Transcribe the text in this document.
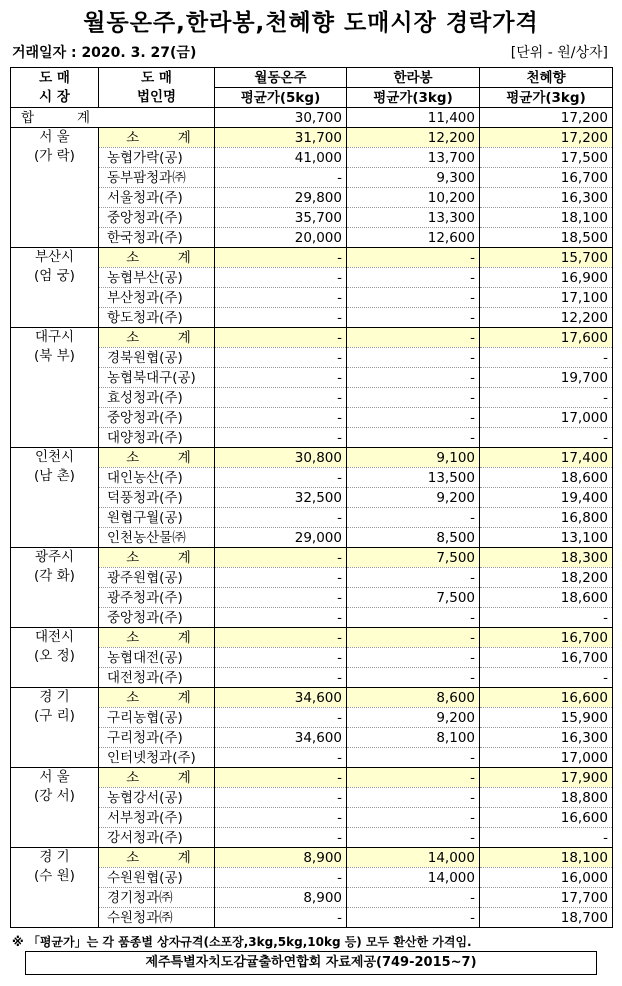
월동온주,한라봉,천혜향 도매시장 경락가격
거래일자 : 2020. 3. 27(금)	[단위 - 원/상자]
도 매
시 장	도 매
법인명	월동온주	한라봉	천혜향
		평균가(5kg)	평균가(3kg)	평균가(3kg)
합          계		30,700	11,400	17,200
서 울
(가 락)	소         계	31,700	12,200	17,200
	농협가락(공)	41,000	13,700	17,500
	동부팜청과㈜	-	9,300	16,700
	서울청과(주)	29,800	10,200	16,300
	중앙청과(주)	35,700	13,300	18,100
	한국청과(주)	20,000	12,600	18,500
부산시
(엄 궁)	소         계	-	-	15,700
	농협부산(공)	-	-	16,900
	부산청과(주)	-	-	17,100
	항도청과(주)	-	-	12,200
대구시
(북 부)	소         계	-	-	17,600
	경북원협(공)	-	-	-
	농협북대구(공)	-	-	19,700
	효성청과(주)	-	-	-
	중앙청과(주)	-	-	17,000
	대양청과(주)	-	-	-
인천시
(남 촌)	소         계	30,800	9,100	17,400
	대인농산(주)	-	13,500	18,600
	덕풍청과(주)	32,500	9,200	19,400
	원협구월(공)	-	-	16,800
	인천농산물㈜	29,000	8,500	13,100
광주시
(각 화)	소         계	-	7,500	18,300
	광주원협(공)	-	-	18,200
	광주청과(주)	-	7,500	18,600
	중앙청과(주)	-	-	-
대전시
(오 정)	소         계	-	-	16,700
	농협대전(공)	-	-	16,700
	대전청과(주)	-	-	-
경 기
(구 리)	소         계	34,600	8,600	16,600
	구리농협(공)	-	9,200	15,900
	구리청과(주)	34,600	8,100	16,300
	인터넷청과(주)	-	-	17,000
서 울
(강 서)	소         계	-	-	17,900
	농협강서(공)	-	-	18,800
	서부청과(주)	-	-	16,600
	강서청과(주)	-	-	-
경 기
(수 원)	소         계	8,900	14,000	18,100
	수원원협(공)	-	14,000	16,000
	경기청과㈜	8,900	-	17,700
	수원청과㈜	-	-	18,700
※ 「평균가」는 각 품종별 상자규격(소포장,3kg,5kg,10kg 등) 모두 환산한 가격임.
제주특별자치도감귤출하연합회 자료제공(749-2015~7)
